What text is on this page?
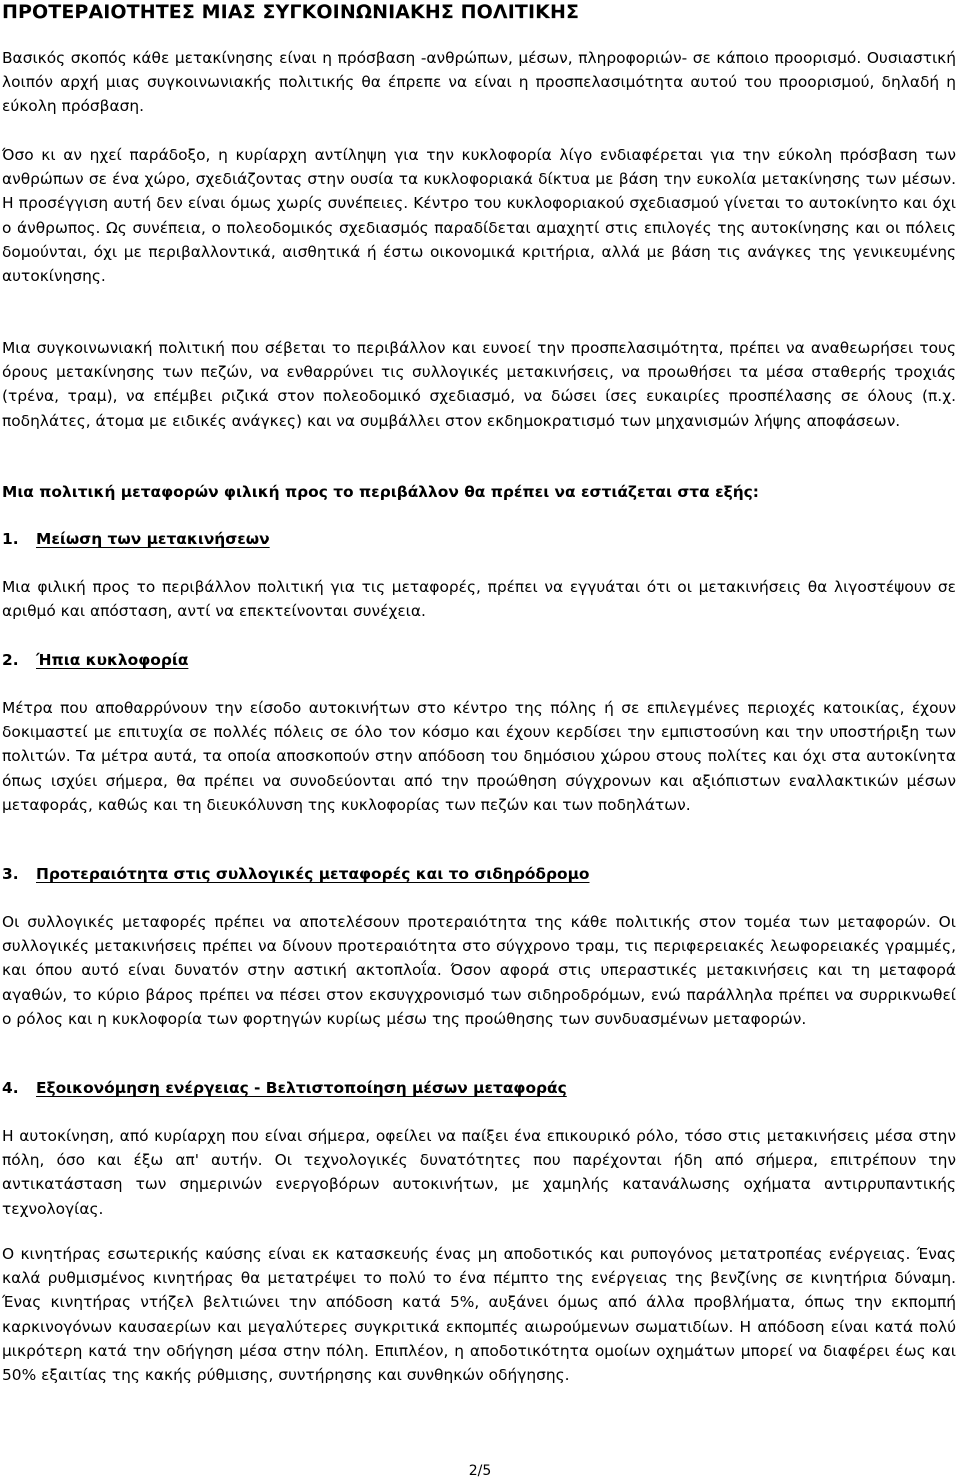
ΠΡΟΤΕΡΑΙΟΤΗΤΕΣ ΜΙΑΣ ΣΥΓΚΟΙΝΩΝΙΑΚΗΣ ΠΟΛΙΤΙΚΗΣ

Βασικός σκοπός κάθε μετακίνησης είναι η πρόσβαση -ανθρώπων, μέσων, πληροφοριών- σε κάποιο προορισμό. Ουσιαστική λοιπόν αρχή μιας συγκοινωνιακής πολιτικής θα έπρεπε να είναι η προσπελασιμότητα αυτού του προορισμού, δηλαδή η εύκολη πρόσβαση.

Όσο κι αν ηχεί παράδοξο, η κυρίαρχη αντίληψη για την κυκλοφορία λίγο ενδιαφέρεται για την εύκολη πρόσβαση των ανθρώπων σε ένα χώρο, σχεδιάζοντας στην ουσία τα κυκλοφοριακά δίκτυα με βάση την ευκολία μετακίνησης των μέσων. Η προσέγγιση αυτή δεν είναι όμως χωρίς συνέπειες. Κέντρο του κυκλοφοριακού σχεδιασμού γίνεται το αυτοκίνητο και όχι ο άνθρωπος. Ως συνέπεια, ο πολεοδομικός σχεδιασμός παραδίδεται αμαχητί στις επιλογές της αυτοκίνησης και οι πόλεις δομούνται, όχι με περιβαλλοντικά, αισθητικά ή έστω οικονομικά κριτήρια, αλλά με βάση τις ανάγκες της γενικευμένης αυτοκίνησης.

Μια συγκοινωνιακή πολιτική που σέβεται το περιβάλλον και ευνοεί την προσπελασιμότητα, πρέπει να αναθεωρήσει τους όρους μετακίνησης των πεζών, να ενθαρρύνει τις συλλογικές μετακινήσεις, να προωθήσει τα μέσα σταθερής τροχιάς (τρένα, τραμ), να επέμβει ριζικά στον πολεοδομικό σχεδιασμό, να δώσει ίσες ευκαιρίες προσπέλασης σε όλους (π.χ. ποδηλάτες, άτομα με ειδικές ανάγκες) και να συμβάλλει στον εκδημοκρατισμό των μηχανισμών λήψης αποφάσεων.

Μια πολιτική μεταφορών φιλική προς το περιβάλλον θα πρέπει να εστιάζεται στα εξής:

1. Μείωση των μετακινήσεων

Μια φιλική προς το περιβάλλον πολιτική για τις μεταφορές, πρέπει να εγγυάται ότι οι μετακινήσεις θα λιγοστέψουν σε αριθμό και απόσταση, αντί να επεκτείνονται συνέχεια.

2. Ήπια κυκλοφορία

Μέτρα που αποθαρρύνουν την είσοδο αυτοκινήτων στο κέντρο της πόλης ή σε επιλεγμένες περιοχές κατοικίας, έχουν δοκιμαστεί με επιτυχία σε πολλές πόλεις σε όλο τον κόσμο και έχουν κερδίσει την εμπιστοσύνη και την υποστήριξη των πολιτών. Τα μέτρα αυτά, τα οποία αποσκοπούν στην απόδοση του δημόσιου χώρου στους πολίτες και όχι στα αυτοκίνητα όπως ισχύει σήμερα, θα πρέπει να συνοδεύονται από την προώθηση σύγχρονων και αξιόπιστων εναλλακτικών μέσων μεταφοράς, καθώς και τη διευκόλυνση της κυκλοφορίας των πεζών και των ποδηλάτων.

3. Προτεραιότητα στις συλλογικές μεταφορές και το σιδηρόδρομο

Οι συλλογικές μεταφορές πρέπει να αποτελέσουν προτεραιότητα της κάθε πολιτικής στον τομέα των μεταφορών. Οι συλλογικές μετακινήσεις πρέπει να δίνουν προτεραιότητα στο σύγχρονο τραμ, τις περιφερειακές λεωφορειακές γραμμές, και όπου αυτό είναι δυνατόν στην αστική ακτοπλοΐα. Όσον αφορά στις υπεραστικές μετακινήσεις και τη μεταφορά αγαθών, το κύριο βάρος πρέπει να πέσει στον εκσυγχρονισμό των σιδηροδρόμων, ενώ παράλληλα πρέπει να συρρικνωθεί ο ρόλος και η κυκλοφορία των φορτηγών κυρίως μέσω της προώθησης των συνδυασμένων μεταφορών.

4. Εξοικονόμηση ενέργειας - Βελτιστοποίηση μέσων μεταφοράς

Η αυτοκίνηση, από κυρίαρχη που είναι σήμερα, οφείλει να παίξει ένα επικουρικό ρόλο, τόσο στις μετακινήσεις μέσα στην πόλη, όσο και έξω απ' αυτήν. Οι τεχνολογικές δυνατότητες που παρέχονται ήδη από σήμερα, επιτρέπουν την αντικατάσταση των σημερινών ενεργοβόρων αυτοκινήτων, με χαμηλής κατανάλωσης οχήματα αντιρρυπαντικής τεχνολογίας.

Ο κινητήρας εσωτερικής καύσης είναι εκ κατασκευής ένας μη αποδοτικός και ρυπογόνος μετατροπέας ενέργειας. Ένας καλά ρυθμισμένος κινητήρας θα μετατρέψει το πολύ το ένα πέμπτο της ενέργειας της βενζίνης σε κινητήρια δύναμη. Ένας κινητήρας ντήζελ βελτιώνει την απόδοση κατά 5%, αυξάνει όμως από άλλα προβλήματα, όπως την εκπομπή καρκινογόνων καυσαερίων και μεγαλύτερες συγκριτικά εκπομπές αιωρούμενων σωματιδίων. Η απόδοση είναι κατά πολύ μικρότερη κατά την οδήγηση μέσα στην πόλη. Επιπλέον, η αποδοτικότητα ομοίων οχημάτων μπορεί να διαφέρει έως και 50% εξαιτίας της κακής ρύθμισης, συντήρησης και συνθηκών οδήγησης.

2/5
